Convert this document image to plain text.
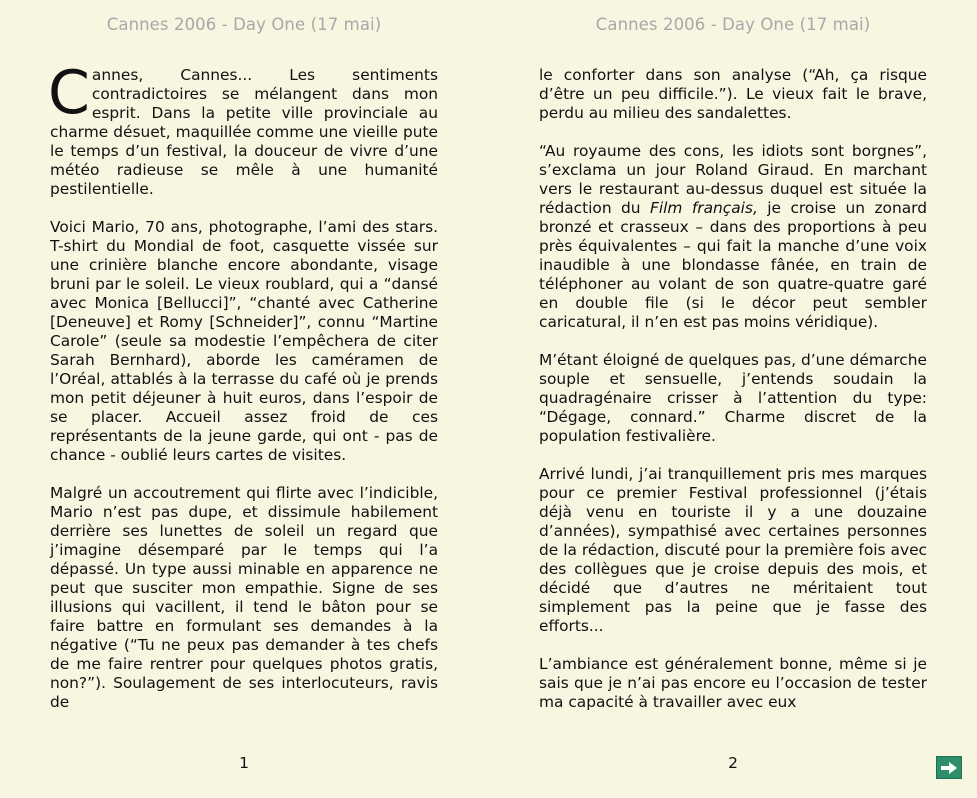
Cannes 2006 - Day One (17 mai)

Cannes, Cannes... Les sentiments contradictoires se mélangent dans mon esprit. Dans la petite ville provinciale au charme désuet, maquillée comme une vieille pute le temps d’un festival, la douceur de vivre d’une météo radieuse se mêle à une humanité pestilentielle.

Voici Mario, 70 ans, photographe, l’ami des stars. T-shirt du Mondial de foot, casquette vissée sur une crinière blanche encore abondante, visage bruni par le soleil. Le vieux roublard, qui a “dansé avec Monica [Bellucci]”, “chanté avec Catherine [Deneuve] et Romy [Schneider]”, connu “Martine Carole” (seule sa modestie l’empêchera de citer Sarah Bernhard), aborde les caméramen de l’Oréal, attablés à la terrasse du café où je prends mon petit déjeuner à huit euros, dans l’espoir de se placer. Accueil assez froid de ces représentants de la jeune garde, qui ont - pas de chance - oublié leurs cartes de visites.

Malgré un accoutrement qui flirte avec l’indicible, Mario n’est pas dupe, et dissimule habilement derrière ses lunettes de soleil un regard que j’imagine désemparé par le temps qui l’a dépassé. Un type aussi minable en apparence ne peut que susciter mon empathie. Signe de ses illusions qui vacillent, il tend le bâton pour se faire battre en formulant ses demandes à la négative (“Tu ne peux pas demander à tes chefs de me faire rentrer pour quelques photos gratis, non?”). Soulagement de ses interlocuteurs, ravis de

1
Cannes 2006 - Day One (17 mai)

le conforter dans son analyse (“Ah, ça risque d’être un peu difficile.”). Le vieux fait le brave, perdu au milieu des sandalettes.

“Au royaume des cons, les idiots sont borgnes”, s’exclama un jour Roland Giraud. En marchant vers le restaurant au-dessus duquel est située la rédaction du Film français, je croise un zonard bronzé et crasseux – dans des proportions à peu près équivalentes – qui fait la manche d’une voix inaudible à une blondasse fânée, en train de téléphoner au volant de son quatre-quatre garé en double file (si le décor peut sembler caricatural, il n’en est pas moins véridique).

M’étant éloigné de quelques pas, d’une démarche souple et sensuelle, j’entends soudain la quadragénaire crisser à l’attention du type: “Dégage, connard.” Charme discret de la population festivalière.

Arrivé lundi, j’ai tranquillement pris mes marques pour ce premier Festival professionnel (j’étais déjà venu en touriste il y a une douzaine d’années), sympathisé avec certaines personnes de la rédaction, discuté pour la première fois avec des collègues que je croise depuis des mois, et décidé que d’autres ne méritaient tout simplement pas la peine que je fasse des efforts...

L’ambiance est généralement bonne, même si je sais que je n’ai pas encore eu l’occasion de tester ma capacité à travailler avec eux

2
